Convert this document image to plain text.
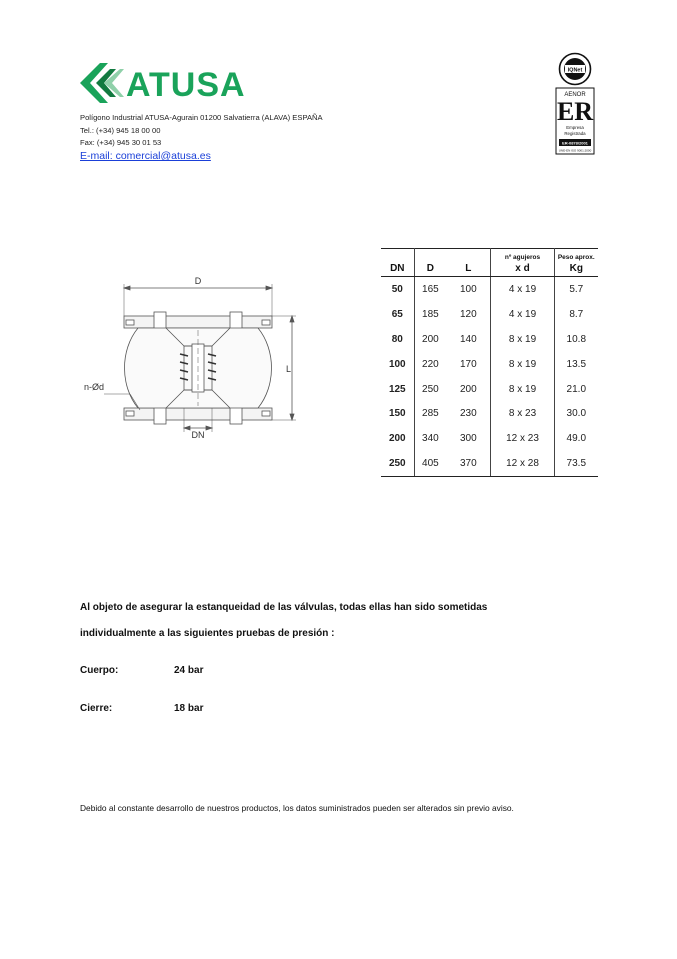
ATUSA
Polígono Industrial ATUSA-Agurain 01200 Salvatierra (ALAVA) ESPAÑA
Tel.: (+34) 945 18 00 00
Fax: (+34) 945 30 01 53
E-mail: comercial@atusa.es
IQNet
AENOR
ER
Empresa
Registrada
ER-0878/2001
UNE-EN ISO 9001:2000
D
L
DN
n-Ød
			nº agujeros	Peso aprox.
DN	D	L	x d	Kg
50	165	100	4 x 19	5.7
65	185	120	4 x 19	8.7
80	200	140	8 x 19	10.8
100	220	170	8 x 19	13.5
125	250	200	8 x 19	21.0
150	285	230	8 x 23	30.0
200	340	300	12 x 23	49.0
250	405	370	12 x 28	73.5
Al objeto de asegurar la estanqueidad de las válvulas, todas ellas han sido sometidas
individualmente a las siguientes pruebas de presión :
Cuerpo:	24 bar
Cierre:	18 bar
Debido al constante desarrollo de nuestros productos, los datos suministrados pueden ser alterados sin previo aviso.
